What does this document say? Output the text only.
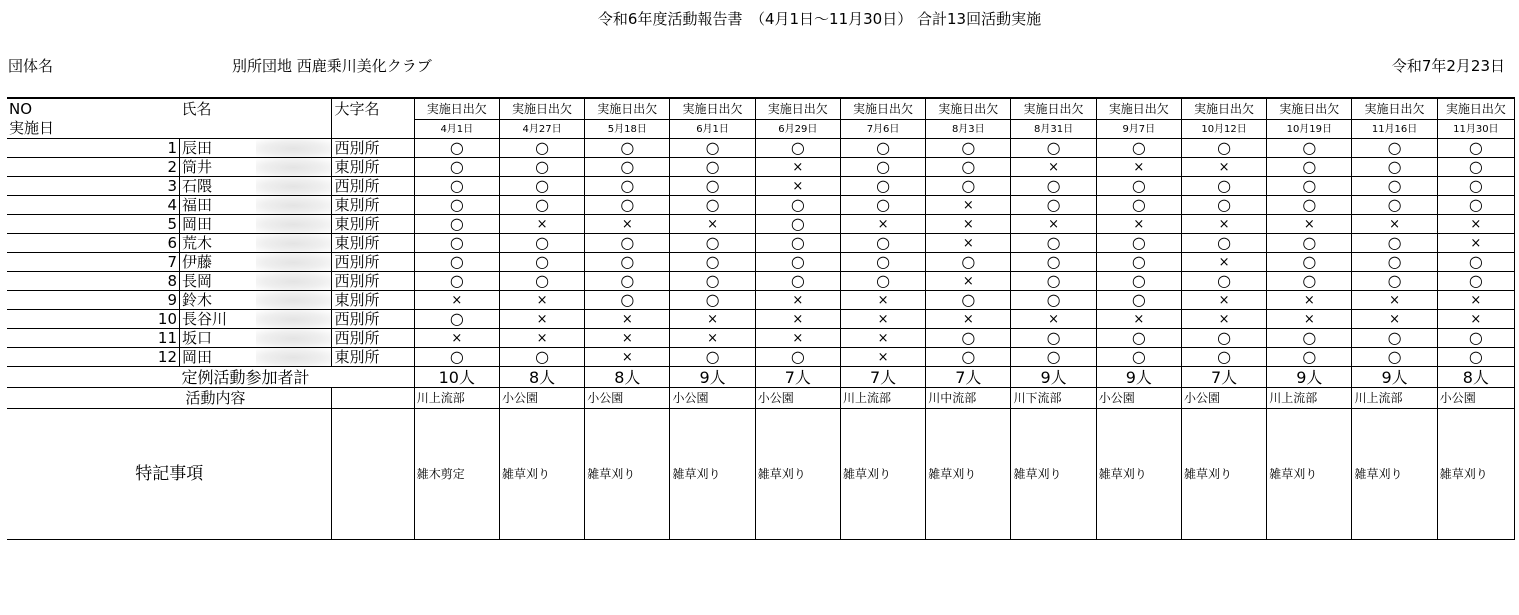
令和6年度活動報告書　（4月1日～11月30日） 合計13回活動実施
団体名	別所団地 西鹿乗川美化クラブ	令和7年2月23日
NO	氏名		大字名	実施日出欠	実施日出欠	実施日出欠	実施日出欠	実施日出欠	実施日出欠	実施日出欠	実施日出欠	実施日出欠	実施日出欠	実施日出欠	実施日出欠	実施日出欠
実施日				4月1日	4月27日	5月18日	6月1日	6月29日	7月6日	8月3日	8月31日	9月7日	10月12日	10月19日	11月16日	11月30日
1	辰田		西別所	○	○	○	○	○	○	○	○	○	○	○	○	○
2	筒井		東別所	○	○	○	○	×	○	○	×	×	×	○	○	○
3	石隈		西別所	○	○	○	○	×	○	○	○	○	○	○	○	○
4	福田		東別所	○	○	○	○	○	○	×	○	○	○	○	○	○
5	岡田		東別所	○	×	×	×	○	×	×	×	×	×	×	×	×
6	荒木		東別所	○	○	○	○	○	○	×	○	○	○	○	○	×
7	伊藤		西別所	○	○	○	○	○	○	○	○	○	×	○	○	○
8	長岡		西別所	○	○	○	○	○	○	×	○	○	○	○	○	○
9	鈴木		東別所	×	×	○	○	×	×	○	○	○	×	×	×	×
10	長谷川		西別所	○	×	×	×	×	×	×	×	×	×	×	×	×
11	坂口		西別所	×	×	×	×	×	×	○	○	○	○	○	○	○
12	岡田		東別所	○	○	×	○	○	×	○	○	○	○	○	○	○
	定例活動参加者計			10人	8人	8人	9人	7人	7人	7人	9人	9人	7人	9人	9人	8人
活動内容				川上流部	小公園	小公園	小公園	小公園	川上流部	川中流部	川下流部	小公園	小公園	川上流部	川上流部	小公園
特記事項				雑木剪定	雑草刈り	雑草刈り	雑草刈り	雑草刈り	雑草刈り	雑草刈り	雑草刈り	雑草刈り	雑草刈り	雑草刈り	雑草刈り	雑草刈り
